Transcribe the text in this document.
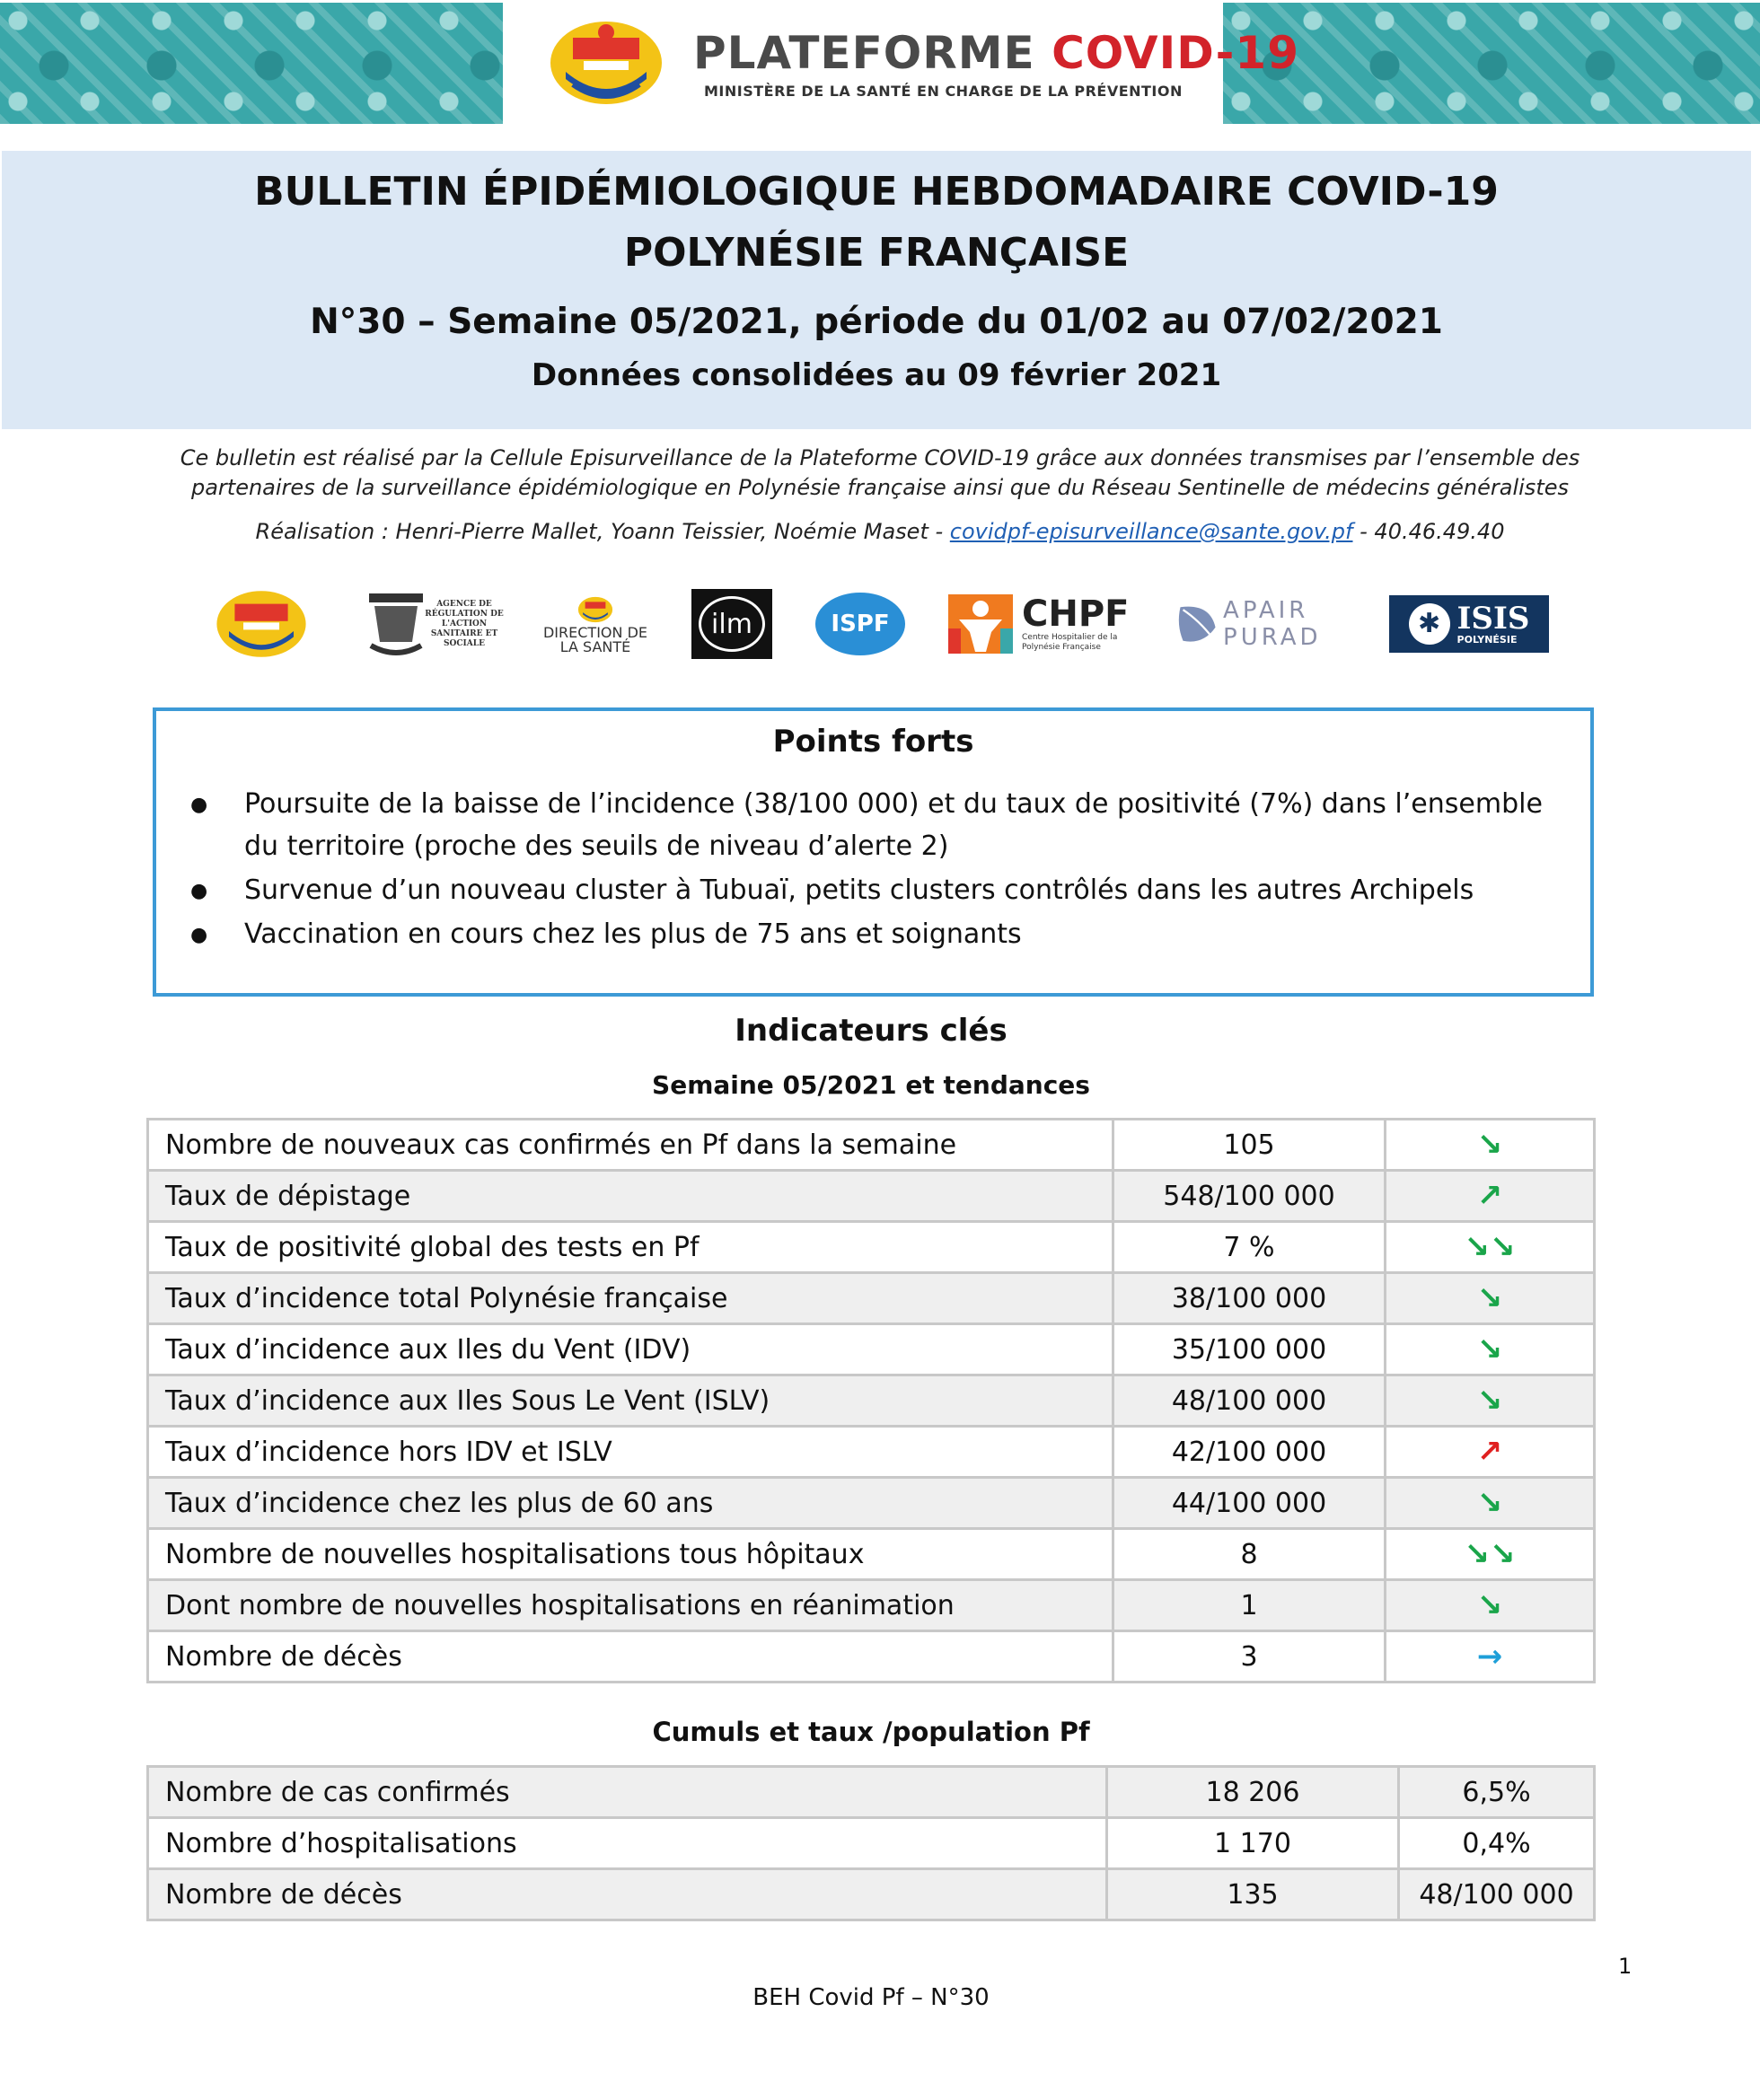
PLATEFORME COVID-19
MINISTÈRE DE LA SANTÉ EN CHARGE DE LA PRÉVENTION
BULLETIN ÉPIDÉMIOLOGIQUE HEBDOMADAIRE COVID-19
POLYNÉSIE FRANÇAISE
N°30 – Semaine 05/2021, période du 01/02 au 07/02/2021
Données consolidées au 09 février 2021
Ce bulletin est réalisé par la Cellule Episurveillance de la Plateforme COVID-19 grâce aux données transmises par l’ensemble des
partenaires de la surveillance épidémiologique en Polynésie française ainsi que du Réseau Sentinelle de médecins généralistes
Réalisation : Henri-Pierre Mallet, Yoann Teissier, Noémie Maset - covidpf-episurveillance@sante.gov.pf - 40.46.49.40
AGENCE DE RÉGULATION DE L'ACTION SANITAIRE ET SOCIALE
DIRECTION DE LA SANTÉ
ilm	ISPF	CHPF
Centre Hospitalier de la Polynésie Française
APAIR PURAD	✱ ISIS
POLYNÉSIE
Points forts
● Poursuite de la baisse de l’incidence (38/100 000) et du taux de positivité (7%) dans l’ensemble du territoire (proche des seuils de niveau d’alerte 2)
● Survenue d’un nouveau cluster à Tubuaï, petits clusters contrôlés dans les autres Archipels
● Vaccination en cours chez les plus de 75 ans et soignants
Indicateurs clés
Semaine 05/2021 et tendances
Nombre de nouveaux cas confirmés en Pf dans la semaine	105	↘
Taux de dépistage	548/100 000	↗
Taux de positivité global des tests en Pf	7 %	↘↘
Taux d’incidence total Polynésie française	38/100 000	↘
Taux d’incidence aux Iles du Vent (IDV)	35/100 000	↘
Taux d’incidence aux Iles Sous Le Vent (ISLV)	48/100 000	↘
Taux d’incidence hors IDV et ISLV	42/100 000	↗
Taux d’incidence chez les plus de 60 ans	44/100 000	↘
Nombre de nouvelles hospitalisations tous hôpitaux	8	↘↘
Dont nombre de nouvelles hospitalisations en réanimation	1	↘
Nombre de décès	3	→
Cumuls et taux /population Pf
Nombre de cas confirmés	18 206	6,5%
Nombre d’hospitalisations	1 170	0,4%
Nombre de décès	135	48/100 000
1
BEH Covid Pf – N°30
